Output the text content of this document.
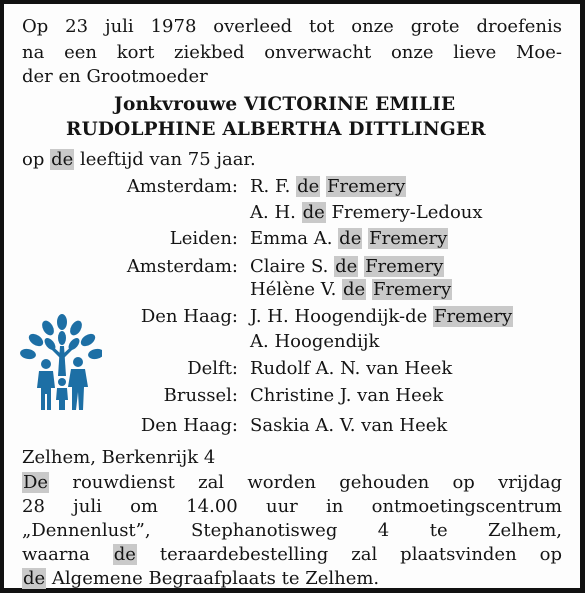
Op 23 juli 1978 overleed tot onze grote droefenis
na een kort ziekbed onverwacht onze lieve Moe-
der en Grootmoeder
Jonkvrouwe VICTORINE EMILIE
RUDOLPHINE ALBERTHA DITTLINGER
op de leeftijd van 75 jaar.
Amsterdam: R. F. de Fremery
A. H. de Fremery-Ledoux
Leiden: Emma A. de Fremery
Amsterdam: Claire S. de Fremery
Hélène V. de Fremery
Den Haag: J. H. Hoogendijk-de Fremery
A. Hoogendijk
Delft: Rudolf A. N. van Heek
Brussel: Christine J. van Heek
Den Haag: Saskia A. V. van Heek
Zelhem, Berkenrijk 4
De rouwdienst zal worden gehouden op vrijdag
28 juli om 14.00 uur in ontmoetingscentrum
„Dennenlust”, Stephanotisweg 4 te Zelhem,
waarna de teraardebestelling zal plaatsvinden op
de Algemene Begraafplaats te Zelhem.
